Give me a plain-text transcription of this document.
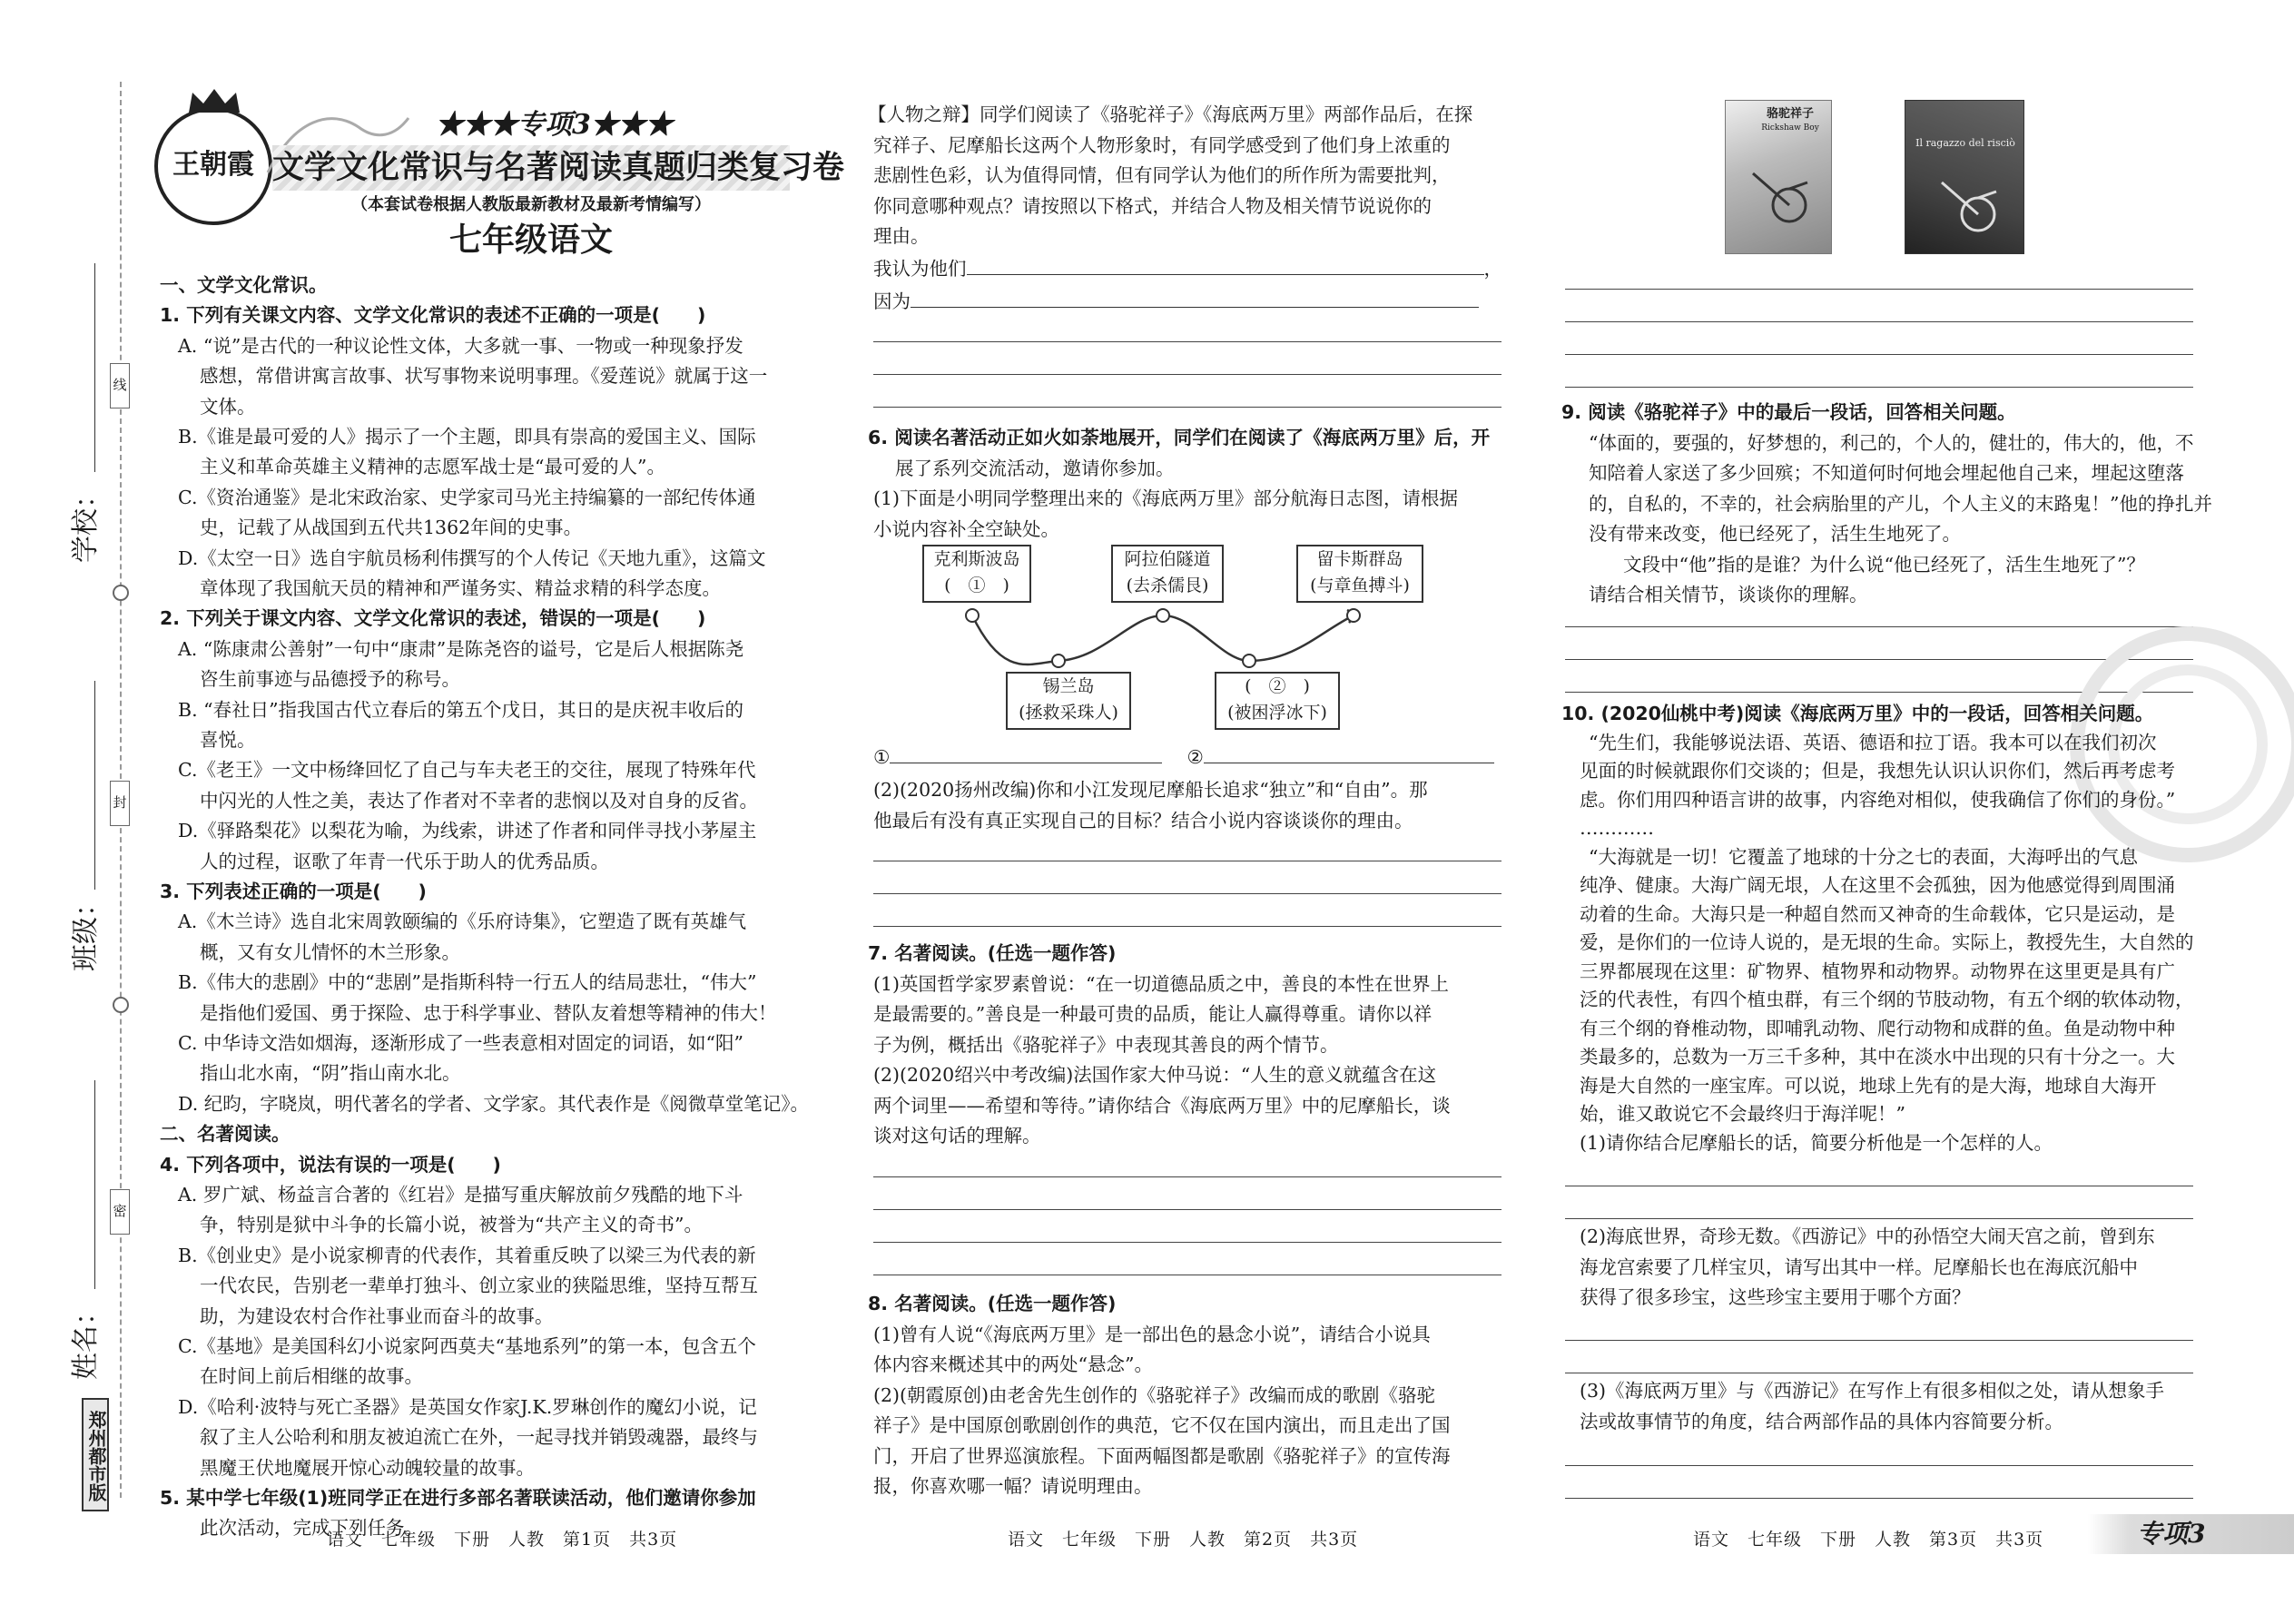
线
封
密
学校：
班级：
姓名：
郑州都市版
王朝霞
★★★专项3★★★
文学文化常识与名著阅读真题归类复习卷
（本套试卷根据人教版最新教材及最新考情编写）
七年级语文
一、文学文化常识。
1. 下列有关课文内容、文学文化常识的表述不正确的一项是(　　)
A. “说”是古代的一种议论性文体，大多就一事、一物或一种现象抒发
感想，常借讲寓言故事、状写事物来说明事理。《爱莲说》就属于这一
文体。
B.《谁是最可爱的人》揭示了一个主题，即具有崇高的爱国主义、国际
主义和革命英雄主义精神的志愿军战士是“最可爱的人”。
C.《资治通鉴》是北宋政治家、史学家司马光主持编纂的一部纪传体通
史，记载了从战国到五代共1362年间的史事。
D.《太空一日》选自宇航员杨利伟撰写的个人传记《天地九重》，这篇文
章体现了我国航天员的精神和严谨务实、精益求精的科学态度。
2. 下列关于课文内容、文学文化常识的表述，错误的一项是(　　)
A. “陈康肃公善射”一句中“康肃”是陈尧咨的谥号，它是后人根据陈尧
咨生前事迹与品德授予的称号。
B. “春社日”指我国古代立春后的第五个戊日，其日的是庆祝丰收后的
喜悦。
C.《老王》一文中杨绛回忆了自己与车夫老王的交往，展现了特殊年代
中闪光的人性之美，表达了作者对不幸者的悲悯以及对自身的反省。
D.《驿路梨花》以梨花为喻，为线索，讲述了作者和同伴寻找小茅屋主
人的过程，讴歌了年青一代乐于助人的优秀品质。
3. 下列表述正确的一项是(　　)
A.《木兰诗》选自北宋周敦颐编的《乐府诗集》，它塑造了既有英雄气
概，又有女儿情怀的木兰形象。
B.《伟大的悲剧》中的“悲剧”是指斯科特一行五人的结局悲壮，“伟大”
是指他们爱国、勇于探险、忠于科学事业、替队友着想等精神的伟大！
C. 中华诗文浩如烟海，逐渐形成了一些表意相对固定的词语，如“阳”
指山北水南，“阴”指山南水北。
D. 纪昀，字晓岚，明代著名的学者、文学家。其代表作是《阅微草堂笔记》。
二、名著阅读。
4. 下列各项中，说法有误的一项是(　　)
A. 罗广斌、杨益言合著的《红岩》是描写重庆解放前夕残酷的地下斗
争，特别是狱中斗争的长篇小说，被誉为“共产主义的奇书”。
B.《创业史》是小说家柳青的代表作，其着重反映了以梁三为代表的新
一代农民，告别老一辈单打独斗、创立家业的狭隘思维，坚持互帮互
助，为建设农村合作社事业而奋斗的故事。
C.《基地》是美国科幻小说家阿西莫夫“基地系列”的第一本，包含五个
在时间上前后相继的故事。
D.《哈利·波特与死亡圣器》是英国女作家J.K.罗琳创作的魔幻小说，记
叙了主人公哈利和朋友被迫流亡在外，一起寻找并销毁魂器，最终与
黑魔王伏地魔展开惊心动魄较量的故事。
5. 某中学七年级(1)班同学正在进行多部名著联读活动，他们邀请你参加
此次活动，完成下列任务。
【人物之辩】同学们阅读了《骆驼祥子》《海底两万里》两部作品后，在探
究祥子、尼摩船长这两个人物形象时，有同学感受到了他们身上浓重的
悲剧性色彩，认为值得同情，但有同学认为他们的所作所为需要批判，
你同意哪种观点？请按照以下格式，并结合人物及相关情节说说你的
理由。
我认为他们	，
因为
6. 阅读名著活动正如火如荼地展开，同学们在阅读了《海底两万里》后，开
展了系列交流活动，邀请你参加。
(1)下面是小明同学整理出来的《海底两万里》部分航海日志图，请根据
小说内容补全空缺处。
克利斯波岛
(　①　)
阿拉伯隧道
(去杀儒艮)
留卡斯群岛
(与章鱼搏斗)
锡兰岛
(拯救采珠人)
(　②　)
(被困浮冰下)
①	②
(2)(2020扬州改编)你和小江发现尼摩船长追求“独立”和“自由”。那
他最后有没有真正实现自己的目标？结合小说内容谈谈你的理由。
7. 名著阅读。(任选一题作答)
(1)英国哲学家罗素曾说：“在一切道德品质之中，善良的本性在世界上
是最需要的。”善良是一种最可贵的品质，能让人赢得尊重。请你以祥
子为例，概括出《骆驼祥子》中表现其善良的两个情节。
(2)(2020绍兴中考改编)法国作家大仲马说：“人生的意义就蕴含在这
两个词里——希望和等待。”请你结合《海底两万里》中的尼摩船长，谈
谈对这句话的理解。
8. 名著阅读。(任选一题作答)
(1)曾有人说“《海底两万里》是一部出色的悬念小说”，请结合小说具
体内容来概述其中的两处“悬念”。
(2)(朝霞原创)由老舍先生创作的《骆驼祥子》改编而成的歌剧《骆驼
祥子》是中国原创歌剧创作的典范，它不仅在国内演出，而且走出了国
门，开启了世界巡演旅程。下面两幅图都是歌剧《骆驼祥子》的宣传海
报，你喜欢哪一幅？请说明理由。
骆驼祥子
Rickshaw Boy
Il ragazzo del risciò
9. 阅读《骆驼祥子》中的最后一段话，回答相关问题。
“体面的，要强的，好梦想的，利己的，个人的，健壮的，伟大的，他，不
知陪着人家送了多少回殡；不知道何时何地会埋起他自己来，埋起这堕落
的，自私的，不幸的，社会病胎里的产儿，个人主义的末路鬼！”他的挣扎并
没有带来改变，他已经死了，活生生地死了。
文段中“他”指的是谁？为什么说“他已经死了，活生生地死了”？
请结合相关情节，谈谈你的理解。
10. (2020仙桃中考)阅读《海底两万里》中的一段话，回答相关问题。
“先生们，我能够说法语、英语、德语和拉丁语。我本可以在我们初次
见面的时候就跟你们交谈的；但是，我想先认识认识你们，然后再考虑考
虑。你们用四种语言讲的故事，内容绝对相似，使我确信了你们的身份。”
…………
“大海就是一切！它覆盖了地球的十分之七的表面，大海呼出的气息
纯净、健康。大海广阔无垠，人在这里不会孤独，因为他感觉得到周围涌
动着的生命。大海只是一种超自然而又神奇的生命载体，它只是运动，是
爱，是你们的一位诗人说的，是无垠的生命。实际上，教授先生，大自然的
三界都展现在这里：矿物界、植物界和动物界。动物界在这里更是具有广
泛的代表性，有四个植虫群，有三个纲的节肢动物，有五个纲的软体动物，
有三个纲的脊椎动物，即哺乳动物、爬行动物和成群的鱼。鱼是动物中种
类最多的，总数为一万三千多种，其中在淡水中出现的只有十分之一。大
海是大自然的一座宝库。可以说，地球上先有的是大海，地球自大海开
始，谁又敢说它不会最终归于海洋呢！”
(1)请你结合尼摩船长的话，简要分析他是一个怎样的人。
(2)海底世界，奇珍无数。《西游记》中的孙悟空大闹天宫之前，曾到东
海龙宫索要了几样宝贝，请写出其中一样。尼摩船长也在海底沉船中
获得了很多珍宝，这些珍宝主要用于哪个方面？
(3)《海底两万里》与《西游记》在写作上有很多相似之处，请从想象手
法或故事情节的角度，结合两部作品的具体内容简要分析。
语文　七年级　下册　人教　第1页　共3页	语文　七年级　下册　人教　第2页　共3页	语文　七年级　下册　人教　第3页　共3页	专项3
